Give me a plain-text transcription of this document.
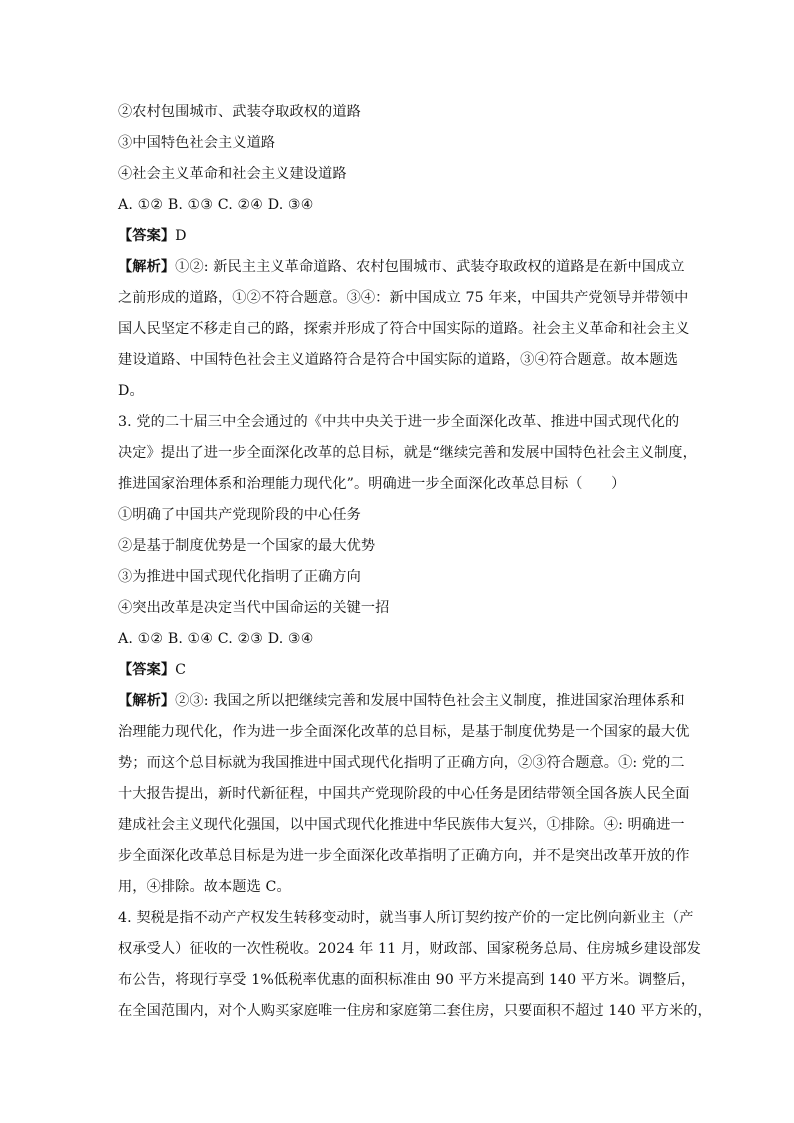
②农村包围城市、武装夺取政权的道路
③中国特色社会主义道路
④社会主义革命和社会主义建设道路
A. ①② B. ①③ C. ②④ D. ③④
【答案】D
【解析】①②: 新民主主义革命道路、农村包围城市、武装夺取政权的道路是在新中国成立
之前形成的道路，①②不符合题意。③④：新中国成立 75 年来，中国共产党领导并带领中
国人民坚定不移走自己的路，探索并形成了符合中国实际的道路。社会主义革命和社会主义
建设道路、中国特色社会主义道路符合是符合中国实际的道路，③④符合题意。故本题选
D。
3. 党的二十届三中全会通过的《中共中央关于进一步全面深化改革、推进中国式现代化的
决定》提出了进一步全面深化改革的总目标，就是“继续完善和发展中国特色社会主义制度，
推进国家治理体系和治理能力现代化”。明确进一步全面深化改革总目标（　　）
①明确了中国共产党现阶段的中心任务
②是基于制度优势是一个国家的最大优势
③为推进中国式现代化指明了正确方向
④突出改革是决定当代中国命运的关键一招
A. ①② B. ①④ C. ②③ D. ③④
【答案】C
【解析】②③: 我国之所以把继续完善和发展中国特色社会主义制度，推进国家治理体系和
治理能力现代化，作为进一步全面深化改革的总目标，是基于制度优势是一个国家的最大优
势；而这个总目标就为我国推进中国式现代化指明了正确方向，②③符合题意。①: 党的二
十大报告提出，新时代新征程，中国共产党现阶段的中心任务是团结带领全国各族人民全面
建成社会主义现代化强国，以中国式现代化推进中华民族伟大复兴，①排除。④: 明确进一
步全面深化改革总目标是为进一步全面深化改革指明了正确方向，并不是突出改革开放的作
用，④排除。故本题选 C。
4. 契税是指不动产产权发生转移变动时，就当事人所订契约按产价的一定比例向新业主（产
权承受人）征收的一次性税收。2024 年 11 月，财政部、国家税务总局、住房城乡建设部发
布公告，将现行享受 1%低税率优惠的面积标准由 90 平方米提高到 140 平方米。调整后，
在全国范围内，对个人购买家庭唯一住房和家庭第二套住房，只要面积不超过 140 平方米的，
